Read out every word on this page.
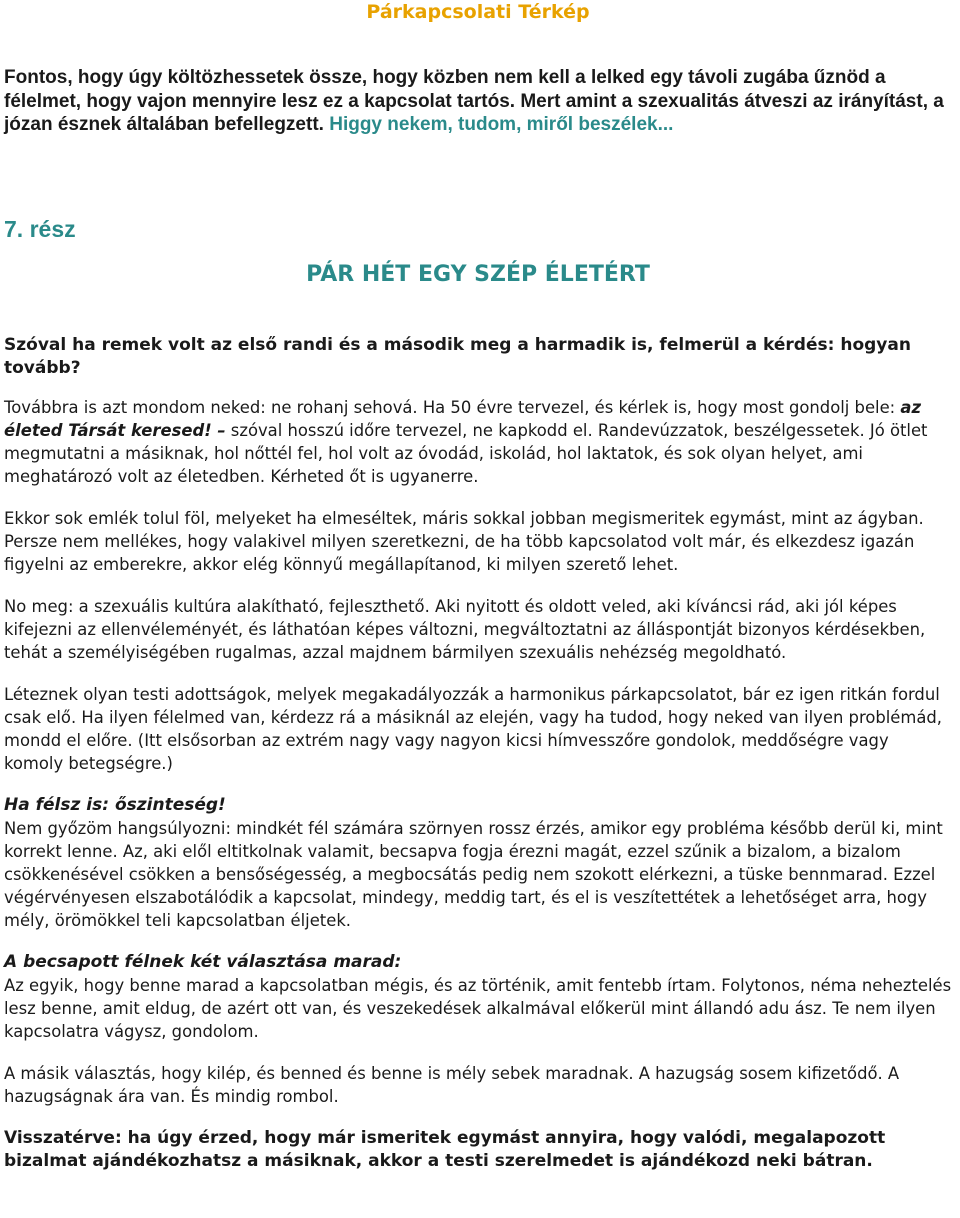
Párkapcsolati Térkép
Fontos, hogy úgy költözhessetek össze, hogy közben nem kell a lelked egy távoli zugába űznöd a félelmet, hogy vajon mennyire lesz ez a kapcsolat tartós. Mert amint a szexualitás átveszi az irányítást, a józan észnek általában befellegzett. Higgy nekem, tudom, miről beszélek...
7. rész
PÁR HÉT EGY SZÉP ÉLETÉRT
Szóval ha remek volt az első randi és a második meg a harmadik is, felmerül a kérdés: hogyan tovább?

Továbbra is azt mondom neked: ne rohanj sehová. Ha 50 évre tervezel, és kérlek is, hogy most gondolj bele: az életed Társát keresed! – szóval hosszú időre tervezel, ne kapkodd el. Randevúzzatok, beszélgessetek. Jó ötlet megmutatni a másiknak, hol nőttél fel, hol volt az óvodád, iskolád, hol laktatok, és sok olyan helyet, ami meghatározó volt az életedben. Kérheted őt is ugyanerre.

Ekkor sok emlék tolul föl, melyeket ha elmeséltek, máris sokkal jobban megismeritek egymást, mint az ágyban. Persze nem mellékes, hogy valakivel milyen szeretkezni, de ha több kapcsolatod volt már, és elkezdesz igazán figyelni az emberekre, akkor elég könnyű megállapítanod, ki milyen szerető lehet.

No meg: a szexuális kultúra alakítható, fejleszthető. Aki nyitott és oldott veled, aki kíváncsi rád, aki jól képes kifejezni az ellenvéleményét, és láthatóan képes változni, megváltoztatni az álláspontját bizonyos kérdésekben, tehát a személyiségében rugalmas, azzal majdnem bármilyen szexuális nehézség megoldható.

Léteznek olyan testi adottságok, melyek megakadályozzák a harmonikus párkapcsolatot, bár ez igen ritkán fordul csak elő. Ha ilyen félelmed van, kérdezz rá a másiknál az elején, vagy ha tudod, hogy neked van ilyen problémád, mondd el előre. (Itt elsősorban az extrém nagy vagy nagyon kicsi hímvesszőre gondolok, meddőségre vagy komoly betegségre.)

Ha félsz is: őszinteség!

Nem győzöm hangsúlyozni: mindkét fél számára szörnyen rossz érzés, amikor egy probléma később derül ki, mint korrekt lenne. Az, aki elől eltitkolnak valamit, becsapva fogja érezni magát, ezzel szűnik a bizalom, a bizalom csökkenésével csökken a bensőségesség, a megbocsátás pedig nem szokott elérkezni, a tüske bennmarad. Ezzel végérvényesen elszabotálódik a kapcsolat, mindegy, meddig tart, és el is veszítettétek a lehetőséget arra, hogy mély, örömökkel teli kapcsolatban éljetek.

A becsapott félnek két választása marad:

Az egyik, hogy benne marad a kapcsolatban mégis, és az történik, amit fentebb írtam. Folytonos, néma neheztelés lesz benne, amit eldug, de azért ott van, és veszekedések alkalmával előkerül mint állandó adu ász. Te nem ilyen kapcsolatra vágysz, gondolom.

A másik választás, hogy kilép, és benned és benne is mély sebek maradnak. A hazugság sosem kifizetődő. A hazugságnak ára van. És mindig rombol.

Visszatérve: ha úgy érzed, hogy már ismeritek egymást annyira, hogy valódi, megalapozott bizalmat ajándékozhatsz a másiknak, akkor a testi szerelmedet is ajándékozd neki bátran.
